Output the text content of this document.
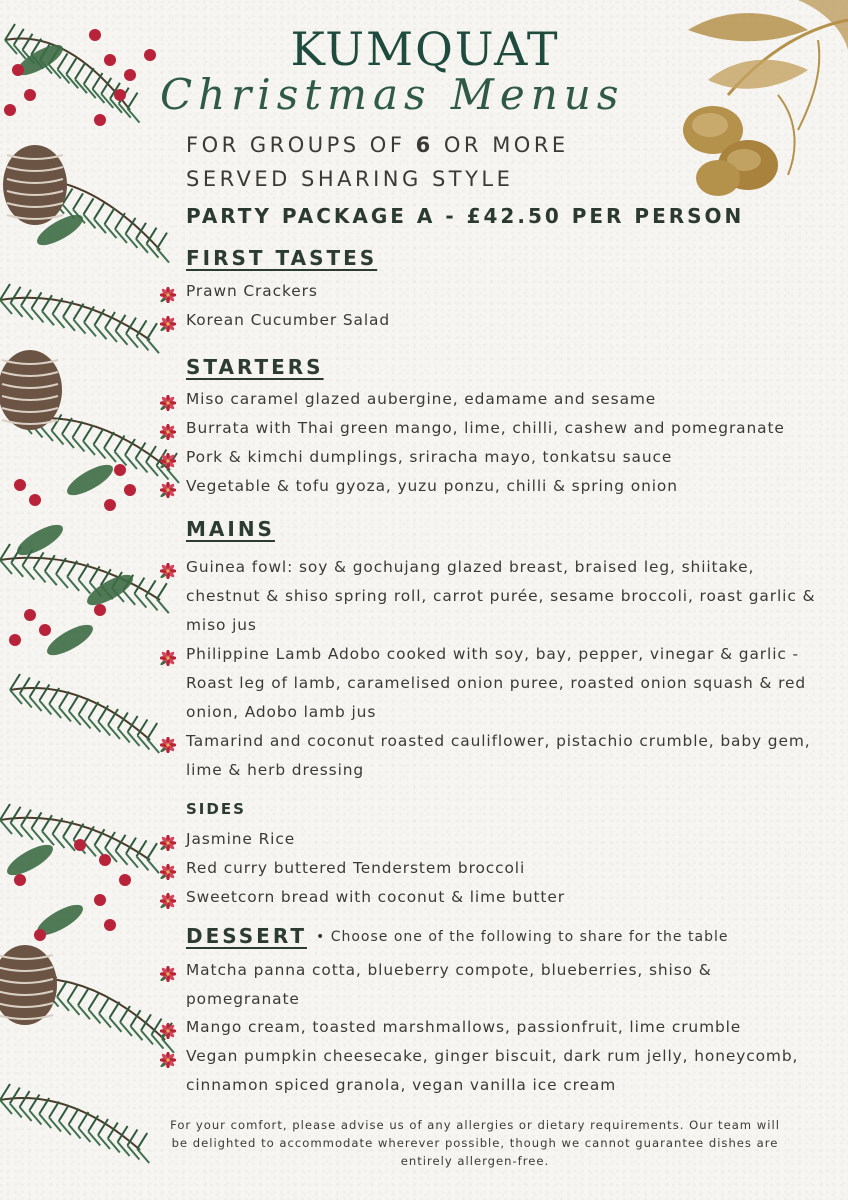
KUMQUAT
Christmas Menus
FOR GROUPS OF 6 OR MORE
SERVED SHARING STYLE
PARTY PACKAGE A - £42.50 PER PERSON
FIRST TASTES
Prawn Crackers
Korean Cucumber Salad
STARTERS
Miso caramel glazed aubergine, edamame and sesame
Burrata with Thai green mango, lime, chilli, cashew and pomegranate
Pork & kimchi dumplings, sriracha mayo, tonkatsu sauce
Vegetable & tofu gyoza, yuzu ponzu, chilli & spring onion
MAINS
Guinea fowl: soy & gochujang glazed breast, braised leg, shiitake, chestnut & shiso spring roll, carrot purée, sesame broccoli, roast garlic & miso jus
Philippine Lamb Adobo cooked with soy, bay, pepper, vinegar & garlic - Roast leg of lamb, caramelised onion puree, roasted onion squash & red onion, Adobo lamb jus
Tamarind and coconut roasted cauliflower, pistachio crumble, baby gem, lime & herb dressing
SIDES
Jasmine Rice
Red curry buttered Tenderstem broccoli
Sweetcorn bread with coconut & lime butter
DESSERT • Choose one of the following to share for the table
Matcha panna cotta, blueberry compote, blueberries, shiso & pomegranate
Mango cream, toasted marshmallows, passionfruit, lime crumble
Vegan pumpkin cheesecake, ginger biscuit, dark rum jelly, honeycomb, cinnamon spiced granola, vegan vanilla ice cream
For your comfort, please advise us of any allergies or dietary requirements. Our team will be delighted to accommodate wherever possible, though we cannot guarantee dishes are entirely allergen-free.
